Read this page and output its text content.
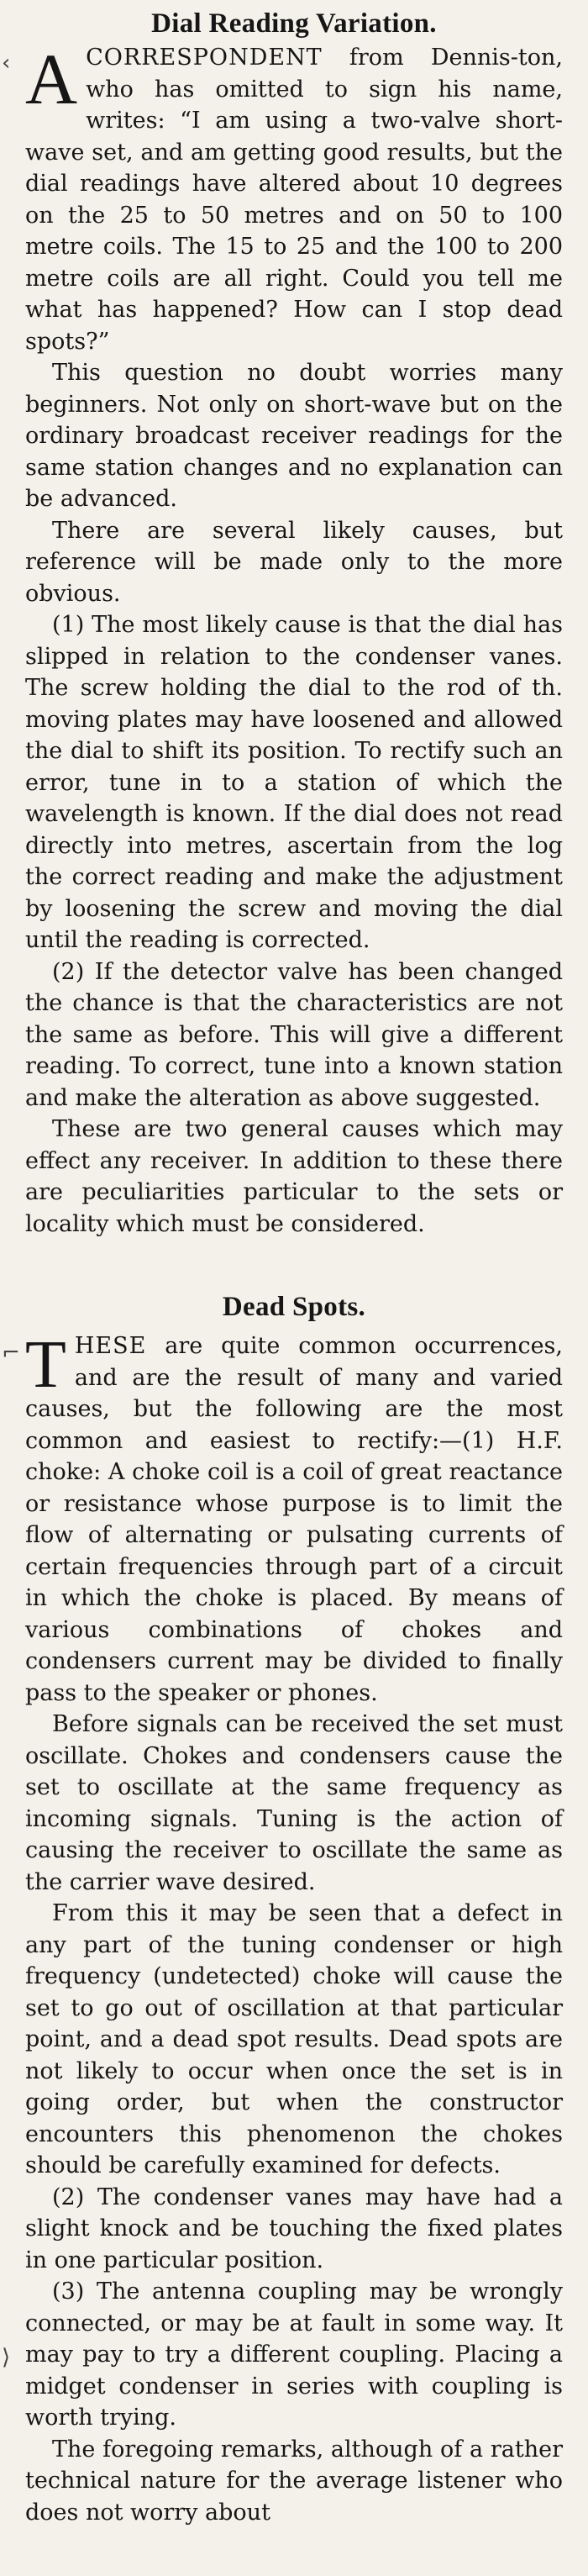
‹
⌐
⟩
Dial Reading Variation.

ACORRESPONDENT from Dennis-ton, who has omitted to sign his name, writes: “I am using a two-valve short-wave set, and am getting good results, but the dial readings have altered about 10 degrees on the 25 to 50 metres and on 50 to 100 metre coils. The 15 to 25 and the 100 to 200 metre coils are all right. Could you tell me what has happened? How can I stop dead spots?”

This question no doubt worries many beginners. Not only on short-wave but on the ordinary broadcast receiver readings for the same station changes and no explanation can be advanced.

There are several likely causes, but reference will be made only to the more obvious.

(1) The most likely cause is that the dial has slipped in relation to the condenser vanes. The screw holding the dial to the rod of th. moving plates may have loosened and allowed the dial to shift its position. To rectify such an error, tune in to a station of which the wavelength is known. If the dial does not read directly into metres, ascertain from the log the correct reading and make the adjustment by loosening the screw and moving the dial until the reading is corrected.

(2) If the detector valve has been changed the chance is that the characteristics are not the same as before. This will give a different reading. To correct, tune into a known station and make the alteration as above suggested.

These are two general causes which may effect any receiver. In addition to these there are peculiarities particular to the sets or locality which must be considered.

Dead Spots.

THESE are quite common occurrences, and are the result of many and varied causes, but the following are the most common and easiest to rectify:—(1) H.F. choke: A choke coil is a coil of great reactance or resistance whose purpose is to limit the flow of alternating or pulsating currents of certain frequencies through part of a circuit in which the choke is placed. By means of various combinations of chokes and condensers current may be divided to finally pass to the speaker or phones.

Before signals can be received the set must oscillate. Chokes and condensers cause the set to oscillate at the same frequency as incoming signals. Tuning is the action of causing the receiver to oscillate the same as the carrier wave desired.

From this it may be seen that a defect in any part of the tuning condenser or high frequency (undetected) choke will cause the set to go out of oscillation at that particular point, and a dead spot results. Dead spots are not likely to occur when once the set is in going order, but when the constructor encounters this phenomenon the chokes should be carefully examined for defects.

(2) The condenser vanes may have had a slight knock and be touching the fixed plates in one particular position.

(3) The antenna coupling may be wrongly connected, or may be at fault in some way. It may pay to try a different coupling. Placing a midget condenser in series with coupling is worth trying.

The foregoing remarks, although of a rather technical nature for the average listener who does not worry about
